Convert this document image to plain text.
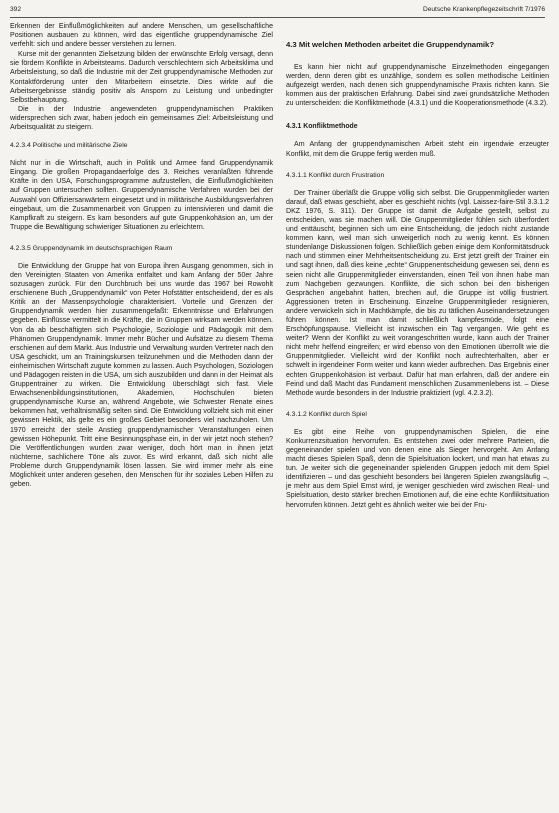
392	Deutsche Krankenpflegezeitschrift 7/1976

Erkennen der Einflußmöglichkeiten auf andere Menschen, um gesellschaftliche Positionen ausbauen zu können, wird das eigentliche gruppendynamische Ziel verfehlt: sich und andere besser verstehen zu lernen.

Kurse mit der genannten Zielsetzung bilden der erwünschte Erfolg versagt, denn sie fördern Konflikte in Arbeitsteams. Dadurch verschlechtern sich Arbeitsklima und Arbeitsleistung, so daß die Industrie mit der Zeit gruppendynamische Methoden zur Kontaktförderung unter den Mitarbeitern einsetzte. Dies wirkte auf die Arbeitsergebnisse ständig positiv als Ansporn zu Leistung und unbedingter Selbstbehauptung.

Die in der Industrie angewendeten gruppendynamischen Praktiken widersprechen sich zwar, haben jedoch ein gemeinsames Ziel: Arbeitsleistung und Arbeitsqualität zu steigern.

4.2.3.4 Politische und militärische Ziele

Nicht nur in die Wirtschaft, auch in Politik und Armee fand Gruppendynamik Eingang. Die großen Propagandaerfolge des 3. Reiches veranlaßten führende Kräfte in den USA, Forschungsprogramme aufzustellen, die Einflußmöglichkeiten auf Gruppen untersuchen sollten. Gruppendynamische Verfahren wurden bei der Auswahl von Offiziersanwärtern eingesetzt und in militärische Ausbildungsverfahren eingebaut, um die Zusammenarbeit von Gruppen zu intensivieren und damit die Kampfkraft zu steigern. Es kam besonders auf gute Gruppenkohäsion an, um der Truppe die Bewältigung schwieriger Situationen zu erleichtern.

4.2.3.5 Gruppendynamik im deutschsprachigen Raum

Die Entwicklung der Gruppe hat von Europa ihren Ausgang genommen, sich in den Vereinigten Staaten von Amerika entfaltet und kam Anfang der 50er Jahre sozusagen zurück. Für den Durchbruch bei uns wurde das 1967 bei Rowohlt erschienene Buch „Gruppendynamik“ von Peter Hofstätter entscheidend, der es als Kritik an der Massenpsychologie charakterisiert. Vorteile und Grenzen der Gruppendynamik werden hier zusammengefaßt: Erkenntnisse und Erfahrungen gegeben. Einflüsse vermittelt in die Kräfte, die in Gruppen wirksam werden können. Von da ab beschäftigten sich Psychologie, Soziologie und Pädagogik mit dem Phänomen Gruppendynamik. Immer mehr Bücher und Aufsätze zu diesem Thema erschienen auf dem Markt. Aus Industrie und Verwaltung wurden Vertreter nach den USA geschickt, um an Trainingskursen teilzunehmen und die Methoden dann der einheimischen Wirtschaft zugute kommen zu lassen. Auch Psychologen, Soziologen und Pädagogen reisten in die USA, um sich auszubilden und dann in der Heimat als Gruppentrainer zu wirken. Die Entwicklung überschlägt sich fast. Viele Erwachsenenbildungsinstitutionen, Akademien, Hochschulen bieten gruppendynamische Kurse an, während Angebote, wie Schwester Renate eines bekommen hat, verhältnismäßig selten sind. Die Entwicklung vollzieht sich mit einer gewissen Hektik, als gelte es ein großes Gebiet besonders viel nachzuholen. Um 1970 erreicht der steile Anstieg gruppendynamischer Veranstaltungen einen gewissen Höhepunkt. Tritt eine Besinnungsphase ein, in der wir jetzt noch stehen? Die Veröffentlichungen wurden zwar weniger, doch hört man in ihnen jetzt nüchterne, sachlichere Töne als zuvor. Es wird erkannt, daß sich nicht alle Probleme durch Gruppendynamik lösen lassen. Sie wird immer mehr als eine Möglichkeit unter anderen gesehen, den Menschen für ihr soziales Leben Hilfen zu geben.

4.3 Mit welchen Methoden arbeitet die Gruppendynamik?

Es kann hier nicht auf gruppendynamische Einzelmethoden eingegangen werden, denn deren gibt es unzählige, sondern es sollen methodische Leitlinien aufgezeigt werden, nach denen sich gruppendynamische Praxis richten kann. Sie kommen aus der praktischen Erfahrung. Dabei sind zwei grundsätzliche Methoden zu unterscheiden: die Konfliktmethode (4.3.1) und die Kooperationsmethode (4.3.2).

4.3.1 Konfliktmethode

Am Anfang der gruppendynamischen Arbeit steht ein irgendwie erzeugter Konflikt, mit dem die Gruppe fertig werden muß.

4.3.1.1 Konflikt durch Frustration

Der Trainer überläßt die Gruppe völlig sich selbst. Die Gruppenmitglieder warten darauf, daß etwas geschieht, aber es geschieht nichts (vgl. Laissez-faire-Stil 3.3.1.2 DKZ 1976, S. 311). Der Gruppe ist damit die Aufgabe gestellt, selbst zu entscheiden, was sie machen will. Die Gruppenmitglieder fühlen sich überfordert und enttäuscht, beginnen sich um eine Entscheidung, die jedoch nicht zustande kommen kann, weil man sich unweigerlich noch zu wenig kennt. Es können stundenlange Diskussionen folgen. Schließlich geben einige dem Konformitätsdruck nach und stimmen einer Mehrheitsentscheidung zu. Erst jetzt greift der Trainer ein und sagt ihnen, daß dies keine „echte“ Gruppenentscheidung gewesen sei, denn es seien nicht alle Gruppenmitglieder einverstanden, einen Teil von ihnen habe man zum Nachgeben gezwungen. Konflikte, die sich schon bei den bisherigen Gesprächen angebahnt hatten, brechen auf, die Gruppe ist völlig frustriert. Aggressionen treten in Erscheinung. Einzelne Gruppenmitglieder resignieren, andere verwickeln sich in Machtkämpfe, die bis zu tätlichen Auseinandersetzungen führen können. Ist man damit schließlich kampfesmüde, folgt eine Erschöpfungspause. Vielleicht ist inzwischen ein Tag vergangen. Wie geht es weiter? Wenn der Konflikt zu weit vorangeschritten wurde, kann auch der Trainer nicht mehr helfend eingreifen; er wird ebenso von den Emotionen überrollt wie die Gruppenmitglieder. Vielleicht wird der Konflikt noch aufrechterhalten, aber er schwelt in irgendeiner Form weiter und kann wieder aufbrechen. Das Ergebnis einer echten Gruppenkohäsion ist verbaut. Dafür hat man erfahren, daß der andere ein Feind und daß Macht das Fundament menschlichen Zusammenlebens ist. – Diese Methode wurde besonders in der Industrie praktiziert (vgl. 4.2.3.2).

4.3.1.2 Konflikt durch Spiel

Es gibt eine Reihe von gruppendynamischen Spielen, die eine Konkurrenzsituation hervorrufen. Es entstehen zwei oder mehrere Parteien, die gegeneinander spielen und von denen eine als Sieger hervorgeht. Am Anfang macht dieses Spielen Spaß, denn die Spielsituation lockert, und man hat etwas zu tun. Je weiter sich die gegeneinander spielenden Gruppen jedoch mit dem Spiel identifizieren – und das geschieht besonders bei längeren Spielen zwangsläufig –, je mehr aus dem Spiel Ernst wird, je weniger geschieden wird zwischen Real- und Spielsituation, desto stärker brechen Emotionen auf, die eine echte Konfliktsituation hervorrufen können. Jetzt geht es ähnlich weiter wie bei der Fru-
